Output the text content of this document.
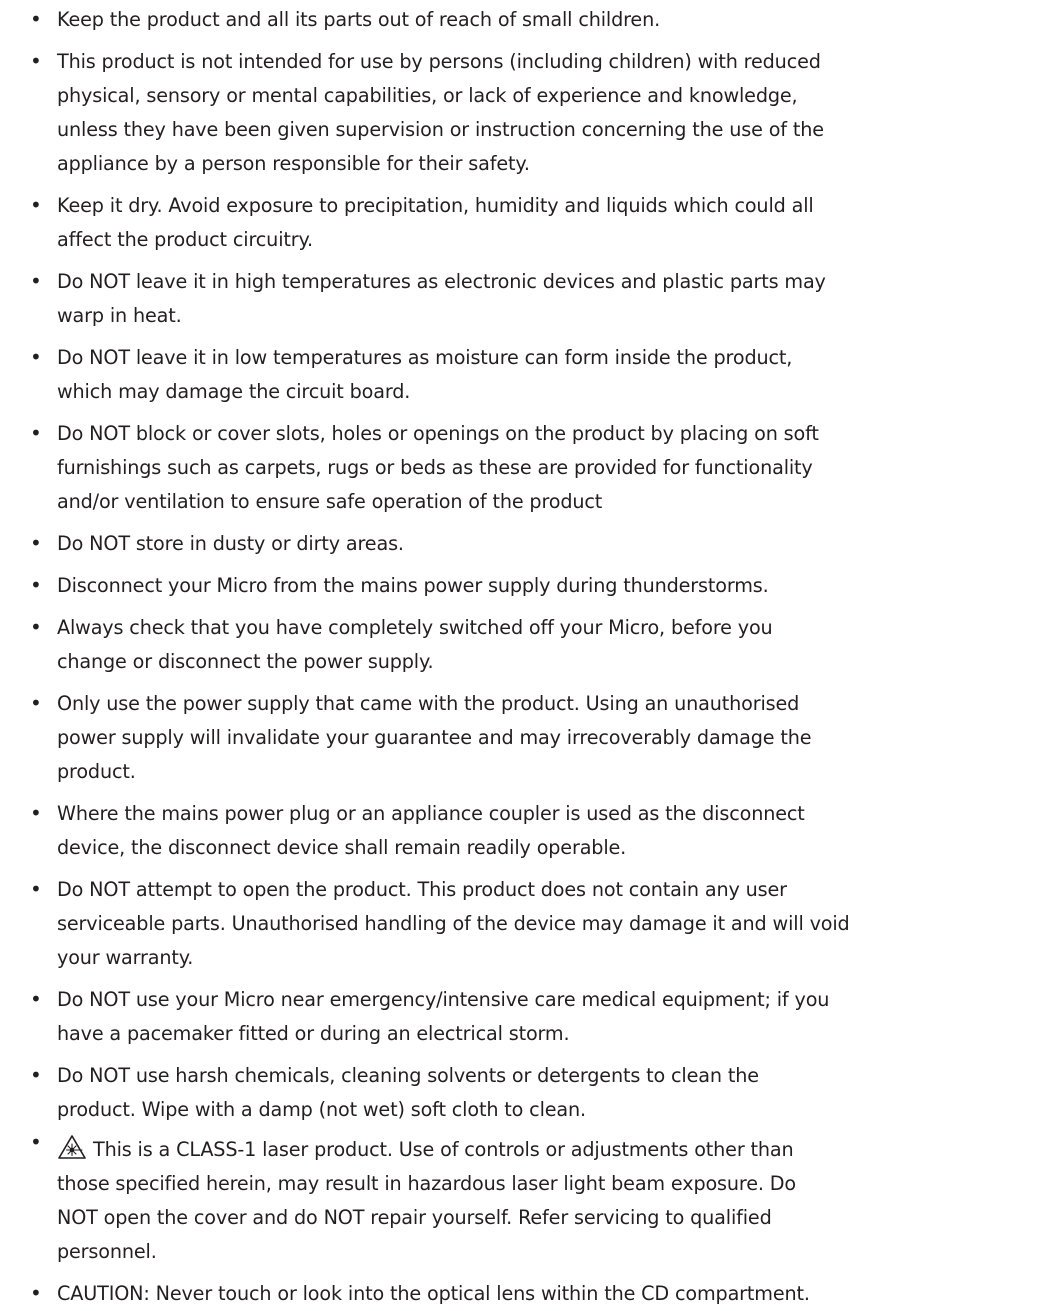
• Keep the product and all its parts out of reach of small children.
• This product is not intended for use by persons (including children) with reduced
physical, sensory or mental capabilities, or lack of experience and knowledge,
unless they have been given supervision or instruction concerning the use of the
appliance by a person responsible for their safety.
• Keep it dry. Avoid exposure to precipitation, humidity and liquids which could all
affect the product circuitry.
• Do NOT leave it in high temperatures as electronic devices and plastic parts may
warp in heat.
• Do NOT leave it in low temperatures as moisture can form inside the product,
which may damage the circuit board.
• Do NOT block or cover slots, holes or openings on the product by placing on soft
furnishings such as carpets, rugs or beds as these are provided for functionality
and/or ventilation to ensure safe operation of the product
• Do NOT store in dusty or dirty areas.
• Disconnect your Micro from the mains power supply during thunderstorms.
• Always check that you have completely switched off your Micro, before you
change or disconnect the power supply.
• Only use the power supply that came with the product. Using an unauthorised
power supply will invalidate your guarantee and may irrecoverably damage the
product.
• Where the mains power plug or an appliance coupler is used as the disconnect
device, the disconnect device shall remain readily operable.
• Do NOT attempt to open the product. This product does not contain any user
serviceable parts. Unauthorised handling of the device may damage it and will void
your warranty.
• Do NOT use your Micro near emergency/intensive care medical equipment; if you
have a pacemaker fitted or during an electrical storm.
• Do NOT use harsh chemicals, cleaning solvents or detergents to clean the
product. Wipe with a damp (not wet) soft cloth to clean.
•	This is a CLASS-1 laser product. Use of controls or adjustments other than
those specified herein, may result in hazardous laser light beam exposure. Do
NOT open the cover and do NOT repair yourself. Refer servicing to qualified
personnel.
• CAUTION: Never touch or look into the optical lens within the CD compartment.
